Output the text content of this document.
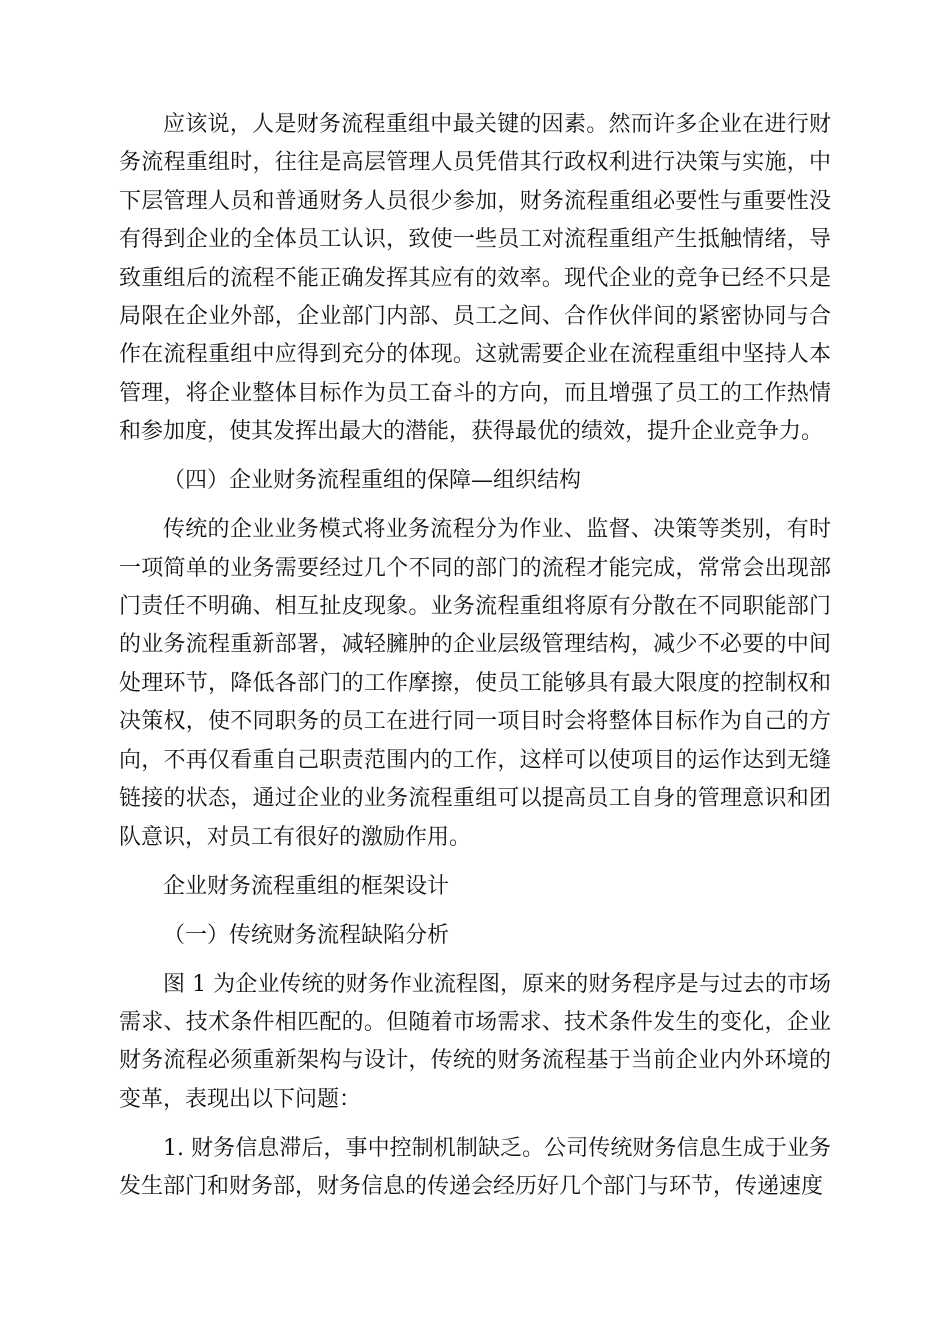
应该说，人是财务流程重组中最关键的因素。然而许多企业在进行财务流程重组时，往往是高层管理人员凭借其行政权利进行决策与实施，中下层管理人员和普通财务人员很少参加，财务流程重组必要性与重要性没有得到企业的全体员工认识，致使一些员工对流程重组产生抵触情绪，导致重组后的流程不能正确发挥其应有的效率。现代企业的竞争已经不只是局限在企业外部，企业部门内部、员工之间、合作伙伴间的紧密协同与合作在流程重组中应得到充分的体现。这就需要企业在流程重组中坚持人本管理，将企业整体目标作为员工奋斗的方向，而且增强了员工的工作热情和参加度，使其发挥出最大的潜能，获得最优的绩效，提升企业竞争力。

（四）企业财务流程重组的保障—组织结构

传统的企业业务模式将业务流程分为作业、监督、决策等类别，有时一项简单的业务需要经过几个不同的部门的流程才能完成，常常会出现部门责任不明确、相互扯皮现象。业务流程重组将原有分散在不同职能部门的业务流程重新部署，减轻臃肿的企业层级管理结构，减少不必要的中间处理环节，降低各部门的工作摩擦，使员工能够具有最大限度的控制权和决策权，使不同职务的员工在进行同一项目时会将整体目标作为自己的方向，不再仅看重自己职责范围内的工作，这样可以使项目的运作达到无缝链接的状态，通过企业的业务流程重组可以提高员工自身的管理意识和团队意识，对员工有很好的激励作用。

企业财务流程重组的框架设计

（一）传统财务流程缺陷分析

图 1 为企业传统的财务作业流程图，原来的财务程序是与过去的市场需求、技术条件相匹配的。但随着市场需求、技术条件发生的变化，企业财务流程必须重新架构与设计，传统的财务流程基于当前企业内外环境的变革，表现出以下问题：

1. 财务信息滞后，事中控制机制缺乏。公司传统财务信息生成于业务发生部门和财务部，财务信息的传递会经历好几个部门与环节，传递速度
